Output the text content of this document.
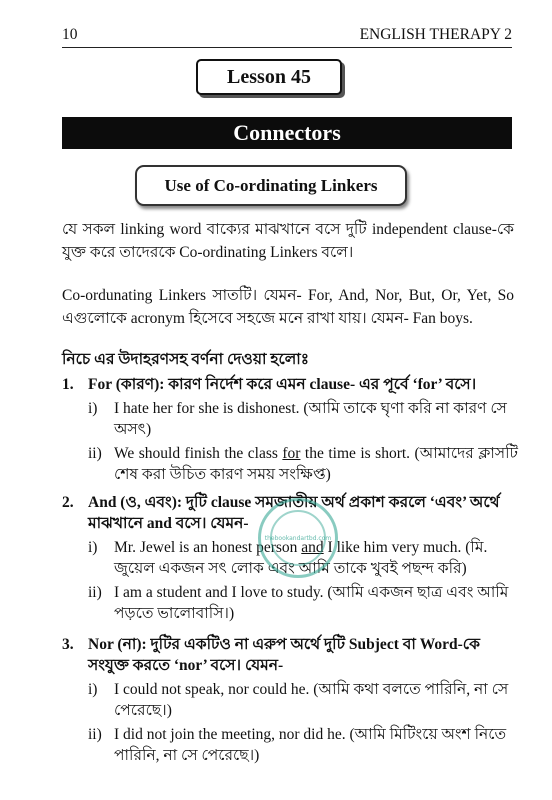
10	ENGLISH THERAPY 2
Lesson 45
Connectors
Use of Co-ordinating Linkers
যে সকল linking word বাক্যের মাঝখানে বসে দুটি independent clause-কে যুক্ত করে তাদেরকে Co-ordinating Linkers বলে।
Co-ordunating Linkers সাতটি। যেমন- For, And, Nor, But, Or, Yet, So এগুলোকে acronym হিসেবে সহজে মনে রাখা যায়। যেমন- Fan boys.
নিচে এর উদাহরণসহ বর্ণনা দেওয়া হলোঃ
1. For (কারণ): কারণ নির্দেশ করে এমন clause- এর পূর্বে ‘for’ বসে।
i)	I hate her for she is dishonest. (আমি তাকে ঘৃণা করি না কারণ সে অসৎ)
ii) We should finish the class for the time is short. (আমাদের ক্লাসটি শেষ করা উচিত কারণ সময় সংক্ষিপ্ত)
2. And (ও, এবং): দুটি clause সমজাতীয় অর্থ প্রকাশ করলে ‘এবং’ অর্থে মাঝখানে and বসে। যেমন-
i)	Mr. Jewel is an honest person and I like him very much. (মি. জুয়েল একজন সৎ লোক এবং আমি তাকে খুবই পছন্দ করি)
ii) I am a student and I love to study. (আমি একজন ছাত্র এবং আমি পড়তে ভালোবাসি।)
3. Nor (না): দুটির একটিও না এরুপ অর্থে দুটি Subject বা Word-কে সংযুক্ত করতে ‘nor’ বসে। যেমন-
i)	I could not speak, nor could he. (আমি কথা বলতে পারিনি, না সে পেরেছে।)
ii) I did not join the meeting, nor did he. (আমি মিটিংয়ে অংশ নিতে পারিনি, না সে পেরেছে।)
thebookandartbd.com
